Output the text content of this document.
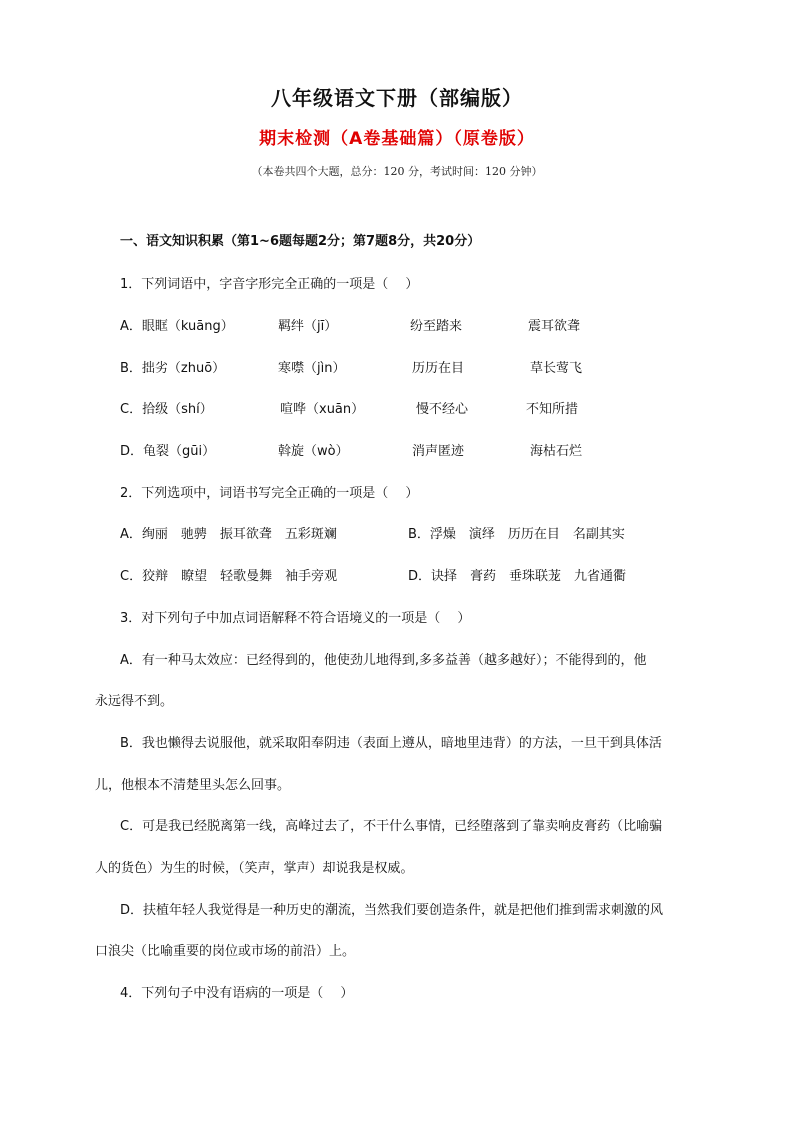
八年级语文下册（部编版）
期末检测（A卷基础篇）（原卷版）
（本卷共四个大题，总分：120 分，考试时间：120 分钟）
一、语文知识积累（第1~6题每题2分；第7题8分，共20分）
1．下列词语中，字音字形完全正确的一项是（　 ）
A．眼眶（kuāng）	羁绊（jī）	纷至踏来	震耳欲聋
B．拙劣（zhuō）	寒噤（jìn）	历历在目	草长莺飞
C．拾级（shí）	喧哗（xuān）	慢不经心	不知所措
D．龟裂（gūi）	斡旋（wò）	消声匿迹	海枯石烂
2．下列选项中，词语书写完全正确的一项是（　 ）
A．绚丽　驰骋　振耳欲聋　五彩斑斓	B．浮燥　演绎　历历在目　名副其实
C．狡辩　瞭望　轻歌曼舞　袖手旁观	D．诀择　膏药　垂珠联茏　九省通衢
3．对下列句子中加点词语解释不符合语境义的一项是（　 ）
A．有一种马太效应：已经得到的，他使劲儿地得到,多多益善（越多越好）；不能得到的，他
永远得不到。
B．我也懒得去说服他，就采取阳奉阴违（表面上遵从，暗地里违背）的方法，一旦干到具体活
儿，他根本不清楚里头怎么回事。
C．可是我已经脱离第一线，高峰过去了，不干什么事情，已经堕落到了靠卖响皮膏药（比喻骗
人的货色）为生的时候，（笑声，掌声）却说我是权威。
D．扶植年轻人我觉得是一种历史的潮流，当然我们要创造条件，就是把他们推到需求刺激的风
口浪尖（比喻重要的岗位或市场的前沿）上。
4．下列句子中没有语病的一项是（　 ）
